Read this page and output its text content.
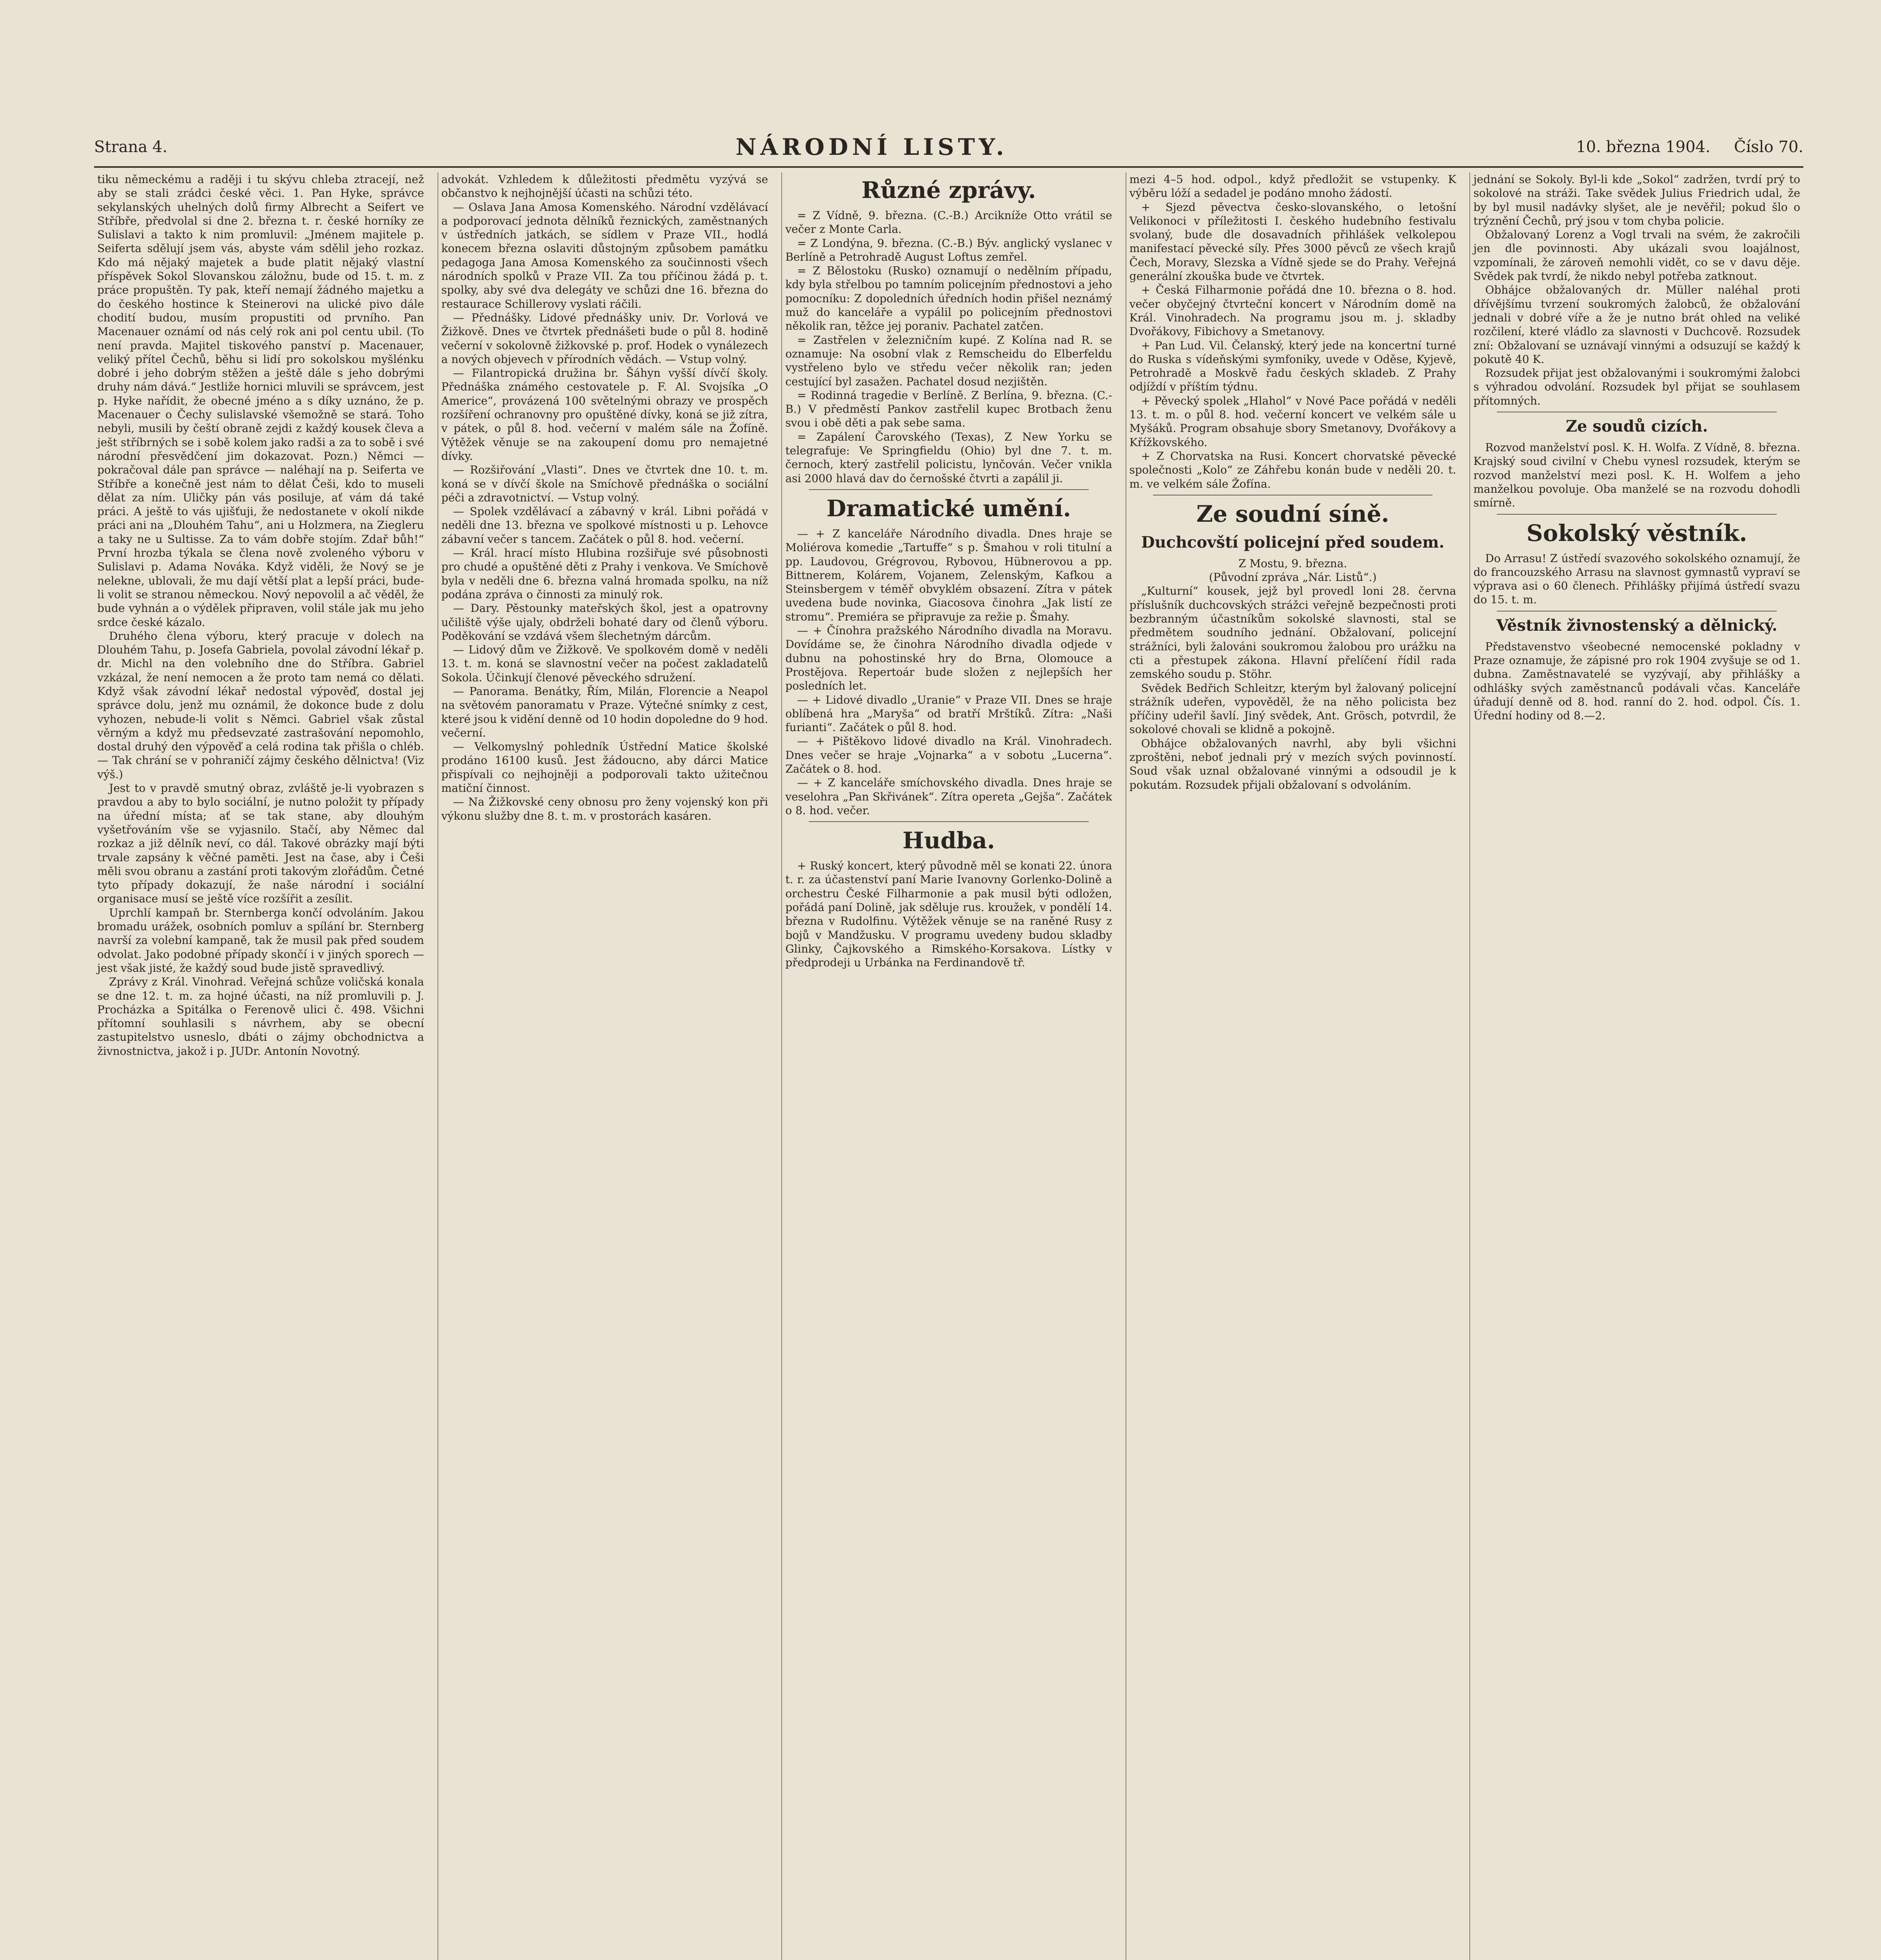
Strana 4.	NÁRODNÍ LISTY.	10. března 1904. Číslo 70.

tiku německému a raději i tu skývu chleba ztracejí, než aby se stali zrádci české věci. 1. Pan Hyke, správce sekylanských uhelných dolů firmy Albrecht a Seifert ve Stříbře, předvolal si dne 2. března t. r. české horníky ze Sulislavi a takto k nim promluvil: „Jménem majitele p. Seiferta sdělují jsem vás, abyste vám sdělil jeho rozkaz. Kdo má nějaký majetek a bude platit nějaký vlastní příspěvek Sokol Slovanskou záložnu, bude od 15. t. m. z práce propuštěn. Ty pak, kteří nemají žádného majetku a do českého hostince k Steinerovi na ulické pivo dále chodití budou, musím propustiti od prvního. Pan Macenauer oznámí od nás celý rok ani pol centu ubil. (To není pravda. Majitel tiskového panství p. Macenauer, veliký přítel Čechů, běhu si lidí pro sokolskou myšlénku dobré i jeho dobrým stěžen a ještě dále s jeho dobrými druhy nám dává.“ Jestliže hornici mluvili se správcem, jest p. Hyke nařídit, že obecné jméno a s díky uznáno, že p. Macenauer o Čechy sulislavské všemožně se stará. Toho nebyli, musili by čeští obraně zejdi z každý kousek čleva a ješt stříbrných se i sobě kolem jako radši a za to sobě i své národní přesvědčení jim dokazovat. Pozn.) Němci — pokračoval dále pan správce — naléhají na p. Seiferta ve Stříbře a konečně jest nám to dělat Češi, kdo to museli dělat za ním. Uličky pán vás posiluje, ať vám dá také práci. A ještě to vás ujišťuji, že nedostanete v okolí nikde práci ani na „Dlouhém Tahu“, ani u Holzmera, na Ziegleru a taky ne u Sultisse. Za to vám dobře stojím. Zdař bůh!“ První hrozba týkala se člena nově zvoleného výboru v Sulislavi p. Adama Nováka. Když viděli, že Nový se je nelekne, ublovali, že mu dají větší plat a lepší práci, bude-li volit se stranou německou. Nový nepovolil a ač věděl, že bude vyhnán a o výdělek připraven, volil stále jak mu jeho srdce české kázalo.

Druhého člena výboru, který pracuje v dolech na Dlouhém Tahu, p. Josefa Gabriela, povolal závodní lékař p. dr. Michl na den volebního dne do Stříbra. Gabriel vzkázal, že není nemocen a že proto tam nemá co dělati. Když však závodní lékař nedostal výpověď, dostal jej správce dolu, jenž mu oznámil, že dokonce bude z dolu vyhozen, nebude-li volit s Němci. Gabriel však zůstal věrným a když mu předsevzaté zastrašování nepomohlo, dostal druhý den výpověď a celá rodina tak přišla o chléb. — Tak chrání se v pohraničí zájmy českého dělnictva! (Viz výš.)

Jest to v pravdě smutný obraz, zvláště je-li vyobrazen s pravdou a aby to bylo sociální, je nutno položit ty případy na úřední místa; ať se tak stane, aby dlouhým vyšetřováním vše se vyjasnilo. Stačí, aby Němec dal rozkaz a již dělník neví, co dál. Takové obrázky mají býti trvale zapsány k věčné paměti. Jest na čase, aby i Češi měli svou obranu a zastání proti takovým zlořádům. Četné tyto případy dokazují, že naše národní i sociální organisace musí se ještě více rozšířit a zesílit.

Uprchlí kampaň br. Sternberga končí odvoláním. Jakou bromadu urážek, osobních pomluv a spílání br. Sternberg navrší za volební kampaně, tak že musil pak před soudem odvolat. Jako podobné případy skončí i v jiných sporech — jest však jisté, že každý soud bude jistě spravedlivý.

Zprávy z Král. Vinohrad. Veřejná schůze voličská konala se dne 12. t. m. za hojné účasti, na níž promluvili p. J. Procházka a Spitálka o Ferenově ulici č. 498. Všichni přítomní souhlasili s návrhem, aby se obecní zastupitelstvo usneslo, dbáti o zájmy obchodnictva a živnostnictva, jakož i p. JUDr. Antonín Novotný.

advokát. Vzhledem k důležitosti předmětu vyzývá se občanstvo k nejhojnější účasti na schůzi této.

— Oslava Jana Amosa Komenského. Národní vzdělávací a podporovací jednota dělníků řeznických, zaměstnaných v ústředních jatkách, se sídlem v Praze VII., hodlá konecem března oslaviti důstojným způsobem památku pedagoga Jana Amosa Komenského za součinnosti všech národních spolků v Praze VII. Za tou příčinou žádá p. t. spolky, aby své dva delegáty ve schůzi dne 16. března do restaurace Schillerovy vyslati ráčili.

— Přednášky. Lidové přednášky univ. Dr. Vorlová ve Žižkově. Dnes ve čtvrtek přednášeti bude o půl 8. hodině večerní v sokolovně žižkovské p. prof. Hodek o vynálezech a nových objevech v přírodních vědách. — Vstup volný.

— Filantropická družina br. Šáhyn vyšší dívčí školy. Přednáška známého cestovatele p. F. Al. Svojsíka „O Americe“, provázená 100 světelnými obrazy ve prospěch rozšíření ochranovny pro opuštěné dívky, koná se již zítra, v pátek, o půl 8. hod. večerní v malém sále na Žofíně. Výtěžek věnuje se na zakoupení domu pro nemajetné dívky.

— Rozšiřování „Vlasti“. Dnes ve čtvrtek dne 10. t. m. koná se v dívčí škole na Smíchově přednáška o sociální péči a zdravotnictví. — Vstup volný.

— Spolek vzdělávací a zábavný v král. Libni pořádá v neděli dne 13. března ve spolkové místnosti u p. Lehovce zábavní večer s tancem. Začátek o půl 8. hod. večerní.

— Král. hrací místo Hlubina rozšiřuje své působnosti pro chudé a opuštěné děti z Prahy i venkova. Ve Smíchově byla v neděli dne 6. března valná hromada spolku, na níž podána zpráva o činnosti za minulý rok.

— Dary. Pěstounky mateřských škol, jest a opatrovny učiliště výše ujaly, obdrželi bohaté dary od členů výboru. Poděkování se vzdává všem šlechetným dárcům.

— Lidový dům ve Žižkově. Ve spolkovém domě v neděli 13. t. m. koná se slavnostní večer na počest zakladatelů Sokola. Účinkují členové pěveckého sdružení.

— Panorama. Benátky, Řím, Milán, Florencie a Neapol na světovém panoramatu v Praze. Výtečné snímky z cest, které jsou k vidění denně od 10 hodin dopoledne do 9 hod. večerní.

— Velkomyslný pohledník Ústřední Matice školské prodáno 16100 kusů. Jest žádoucno, aby dárci Matice přispívali co nejhojněji a podporovali takto užitečnou matiční činnost.

— Na Žižkovské ceny obnosu pro ženy vojenský kon při výkonu služby dne 8. t. m. v prostorách kasáren.

Různé zprávy.

= Z Vídně, 9. března. (C.-B.) Arcikníže Otto vrátil se večer z Monte Carla.

= Z Londýna, 9. března. (C.-B.) Býv. anglický vyslanec v Berlíně a Petrohradě August Loftus zemřel.

= Z Bělostoku (Rusko) oznamují o nedělním případu, kdy byla střelbou po tamním policejním přednostovi a jeho pomocníku: Z dopoledních úředních hodin přišel neznámý muž do kanceláře a vypálil po policejním přednostovi několik ran, těžce jej poraniv. Pachatel zatčen.

= Zastřelen v železničním kupé. Z Kolína nad R. se oznamuje: Na osobní vlak z Remscheidu do Elberfeldu vystřeleno bylo ve středu večer několik ran; jeden cestující byl zasažen. Pachatel dosud nezjištěn.

= Rodinná tragedie v Berlíně. Z Berlína, 9. března. (C.-B.) V předměstí Pankov zastřelil kupec Brotbach ženu svou i obě děti a pak sebe sama.

= Zapálení Čarovského (Texas), Z New Yorku se telegrafuje: Ve Springfieldu (Ohio) byl dne 7. t. m. černoch, který zastřelil policistu, lynčován. Večer vnikla asi 2000 hlavá dav do černošské čtvrti a zapálil ji.

Dramatické umění.

— + Z kanceláře Národního divadla. Dnes hraje se Moliérova komedie „Tartuffe“ s p. Šmahou v roli titulní a pp. Laudovou, Grégrovou, Rybovou, Hübnerovou a pp. Bittnerem, Kolárem, Vojanem, Zelenským, Kafkou a Steinsbergem v téměř obvyklém obsazení. Zítra v pátek uvedena bude novinka, Giacosova činohra „Jak listí ze stromu“. Premiéra se připravuje za režie p. Šmahy.

— + Čínohra pražského Národního divadla na Moravu. Dovídáme se, že činohra Národního divadla odjede v dubnu na pohostinské hry do Brna, Olomouce a Prostějova. Repertoár bude složen z nejlepších her posledních let.

— + Lidové divadlo „Uranie“ v Praze VII. Dnes se hraje oblíbená hra „Maryša“ od bratří Mrštíků. Zítra: „Naši furianti“. Začátek o půl 8. hod.

— + Pištěkovo lidové divadlo na Král. Vinohradech. Dnes večer se hraje „Vojnarka“ a v sobotu „Lucerna“. Začátek o 8. hod.

— + Z kanceláře smíchovského divadla. Dnes hraje se veselohra „Pan Skřivánek“. Zítra opereta „Gejša“. Začátek o 8. hod. večer.

Hudba.

+ Ruský koncert, který původně měl se konati 22. února t. r. za účastenství paní Marie Ivanovny Gorlenko-Dolině a orchestru České Filharmonie a pak musil býti odložen, pořádá paní Dolině, jak sděluje rus. kroužek, v pondělí 14. března v Rudolfinu. Výtěžek věnuje se na raněné Rusy z bojů v Mandžusku. V programu uvedeny budou skladby Glinky, Čajkovského a Rimského-Korsakova. Lístky v předprodeji u Urbánka na Ferdinandově tř.

mezi 4–5 hod. odpol., když předložit se vstupenky. K výběru lóží a sedadel je podáno mnoho žádostí.

+ Sjezd pěvectva česko-slovanského, o letošní Velikonoci v příležitosti I. českého hudebního festivalu svolaný, bude dle dosavadních přihlášek velkolepou manifestací pěvecké síly. Přes 3000 pěvců ze všech krajů Čech, Moravy, Slezska a Vídně sjede se do Prahy. Veřejná generální zkouška bude ve čtvrtek.

+ Česká Filharmonie pořádá dne 10. března o 8. hod. večer obyčejný čtvrteční koncert v Národním domě na Král. Vinohradech. Na programu jsou m. j. skladby Dvořákovy, Fibichovy a Smetanovy.

+ Pan Lud. Vil. Čelanský, který jede na koncertní turné do Ruska s vídeňskými symfoniky, uvede v Oděse, Kyjevě, Petrohradě a Moskvě řadu českých skladeb. Z Prahy odjíždí v příštím týdnu.

+ Pěvecký spolek „Hlahol“ v Nové Pace pořádá v neděli 13. t. m. o půl 8. hod. večerní koncert ve velkém sále u Myšáků. Program obsahuje sbory Smetanovy, Dvořákovy a Křížkovského.

+ Z Chorvatska na Rusi. Koncert chorvatské pěvecké společnosti „Kolo“ ze Záhřebu konán bude v neděli 20. t. m. ve velkém sále Žofína.

Ze soudní síně.
Duchcovští policejní před soudem.
Z Mostu, 9. března.
(Původní zpráva „Nár. Listů“.)

„Kulturní“ kousek, jejž byl provedl loni 28. června příslušník duchcovských strážci veřejně bezpečnosti proti bezbranným účastníkům sokolské slavnosti, stal se předmětem soudního jednání. Obžalovaní, policejní strážníci, byli žalováni soukromou žalobou pro urážku na cti a přestupek zákona. Hlavní přelíčení řídil rada zemského soudu p. Stöhr.

Svědek Bedřich Schleitzr, kterým byl žalovaný policejní strážník udeřen, vypověděl, že na něho policista bez příčiny udeřil šavlí. Jiný svědek, Ant. Grösch, potvrdil, že sokolové chovali se klidně a pokojně.

Obhájce obžalovaných navrhl, aby byli všichni zproštěni, neboť jednali prý v mezích svých povinností. Soud však uznal obžalované vinnými a odsoudil je k pokutám. Rozsudek přijali obžalovaní s odvoláním.

jednání se Sokoly. Byl-li kde „Sokol“ zadržen, tvrdí prý to sokolové na stráži. Take svědek Julius Friedrich udal, že by byl musil nadávky slyšet, ale je nevěřil; pokud šlo o trýznění Čechů, prý jsou v tom chyba policie.

Obžalovaný Lorenz a Vogl trvali na svém, že zakročili jen dle povinnosti. Aby ukázali svou loajálnost, vzpomínali, že zároveň nemohli vidět, co se v davu děje. Svědek pak tvrdí, že nikdo nebyl potřeba zatknout.

Obhájce obžalovaných dr. Müller naléhal proti dřívějšímu tvrzení soukromých žalobců, že obžalování jednali v dobré víře a že je nutno brát ohled na veliké rozčilení, které vládlo za slavnosti v Duchcově. Rozsudek zní: Obžalovaní se uznávají vinnými a odsuzují se každý k pokutě 40 K.

Rozsudek přijat jest obžalovanými i soukromými žalobci s výhradou odvolání. Rozsudek byl přijat se souhlasem přítomných.

Ze soudů cizích.

Rozvod manželství posl. K. H. Wolfa. Z Vídně, 8. března. Krajský soud civilní v Chebu vynesl rozsudek, kterým se rozvod manželství mezi posl. K. H. Wolfem a jeho manželkou povoluje. Oba manželé se na rozvodu dohodli smírně.

Sokolský věstník.

Do Arrasu! Z ústředí svazového sokolského oznamují, že do francouzského Arrasu na slavnost gymnastů vypraví se výprava asi o 60 členech. Přihlášky přijímá ústředí svazu do 15. t. m.

Věstník živnostenský a dělnický.

Představenstvo všeobecné nemocenské pokladny v Praze oznamuje, že zápisné pro rok 1904 zvyšuje se od 1. dubna. Zaměstnavatelé se vyzývají, aby přihlášky a odhlášky svých zaměstnanců podávali včas. Kanceláře úřadují denně od 8. hod. ranní do 2. hod. odpol. Čís. 1. Úřední hodiny od 8.—2.
